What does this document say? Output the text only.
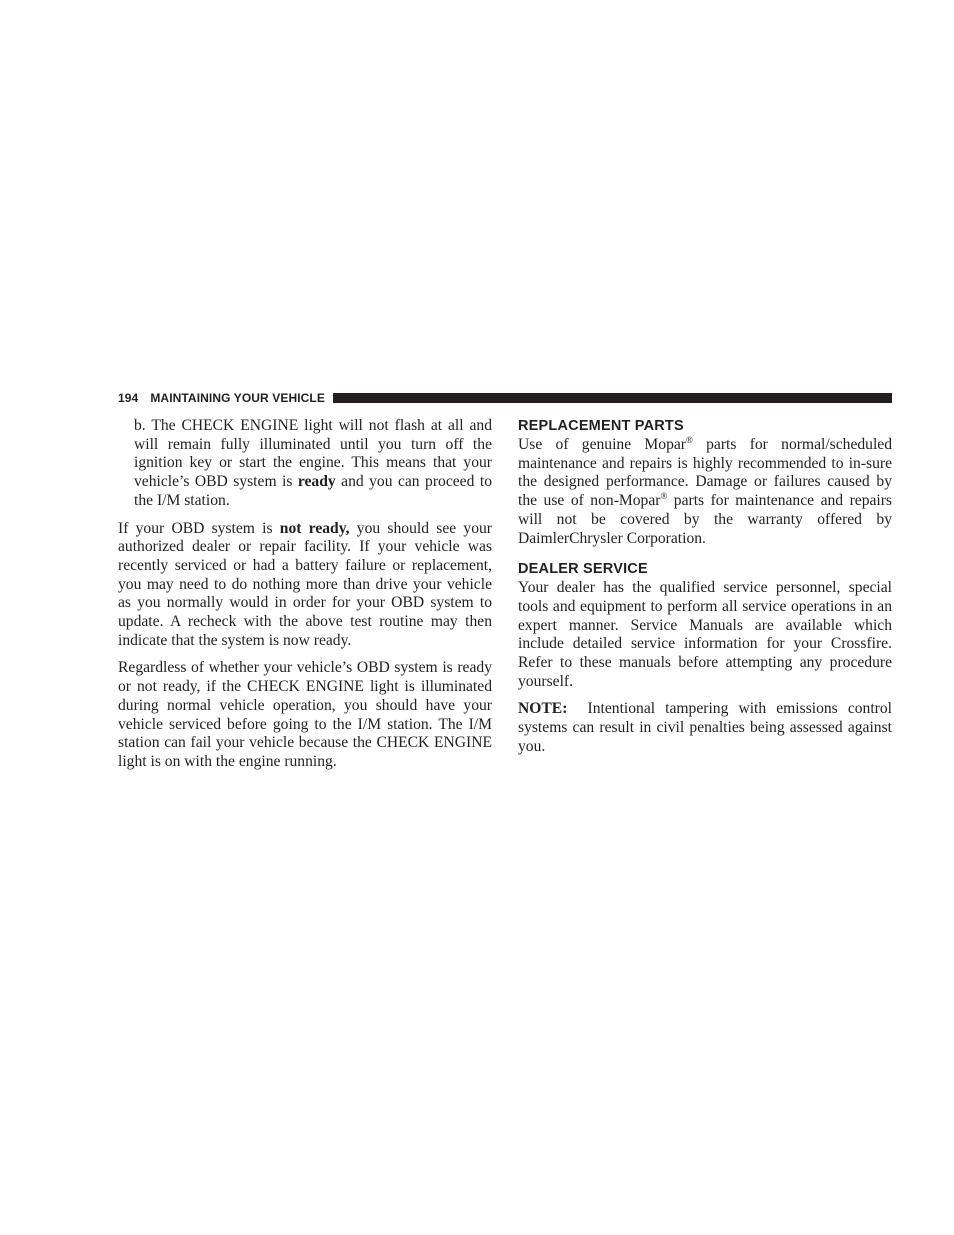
194 MAINTAINING YOUR VEHICLE

b. The CHECK ENGINE light will not flash at all and will remain fully illuminated until you turn off the ignition key or start the engine. This means that your vehicle’s OBD system is ready and you can proceed to the I/M station.

If your OBD system is not ready, you should see your authorized dealer or repair facility. If your vehicle was recently serviced or had a battery failure or replacement, you may need to do nothing more than drive your vehicle as you normally would in order for your OBD system to update. A recheck with the above test routine may then indicate that the system is now ready.

Regardless of whether your vehicle’s OBD system is ready or not ready, if the CHECK ENGINE light is illuminated during normal vehicle operation, you should have your vehicle serviced before going to the I/M station. The I/M station can fail your vehicle because the CHECK ENGINE light is on with the engine running.

REPLACEMENT PARTS

Use of genuine Mopar® parts for normal/scheduled maintenance and repairs is highly recommended to in-sure the designed performance. Damage or failures caused by the use of non-Mopar® parts for maintenance and repairs will not be covered by the warranty offered by DaimlerChrysler Corporation.

DEALER SERVICE

Your dealer has the qualified service personnel, special tools and equipment to perform all service operations in an expert manner. Service Manuals are available which include detailed service information for your Crossfire. Refer to these manuals before attempting any procedure yourself.

NOTE:  Intentional tampering with emissions control systems can result in civil penalties being assessed against you.
